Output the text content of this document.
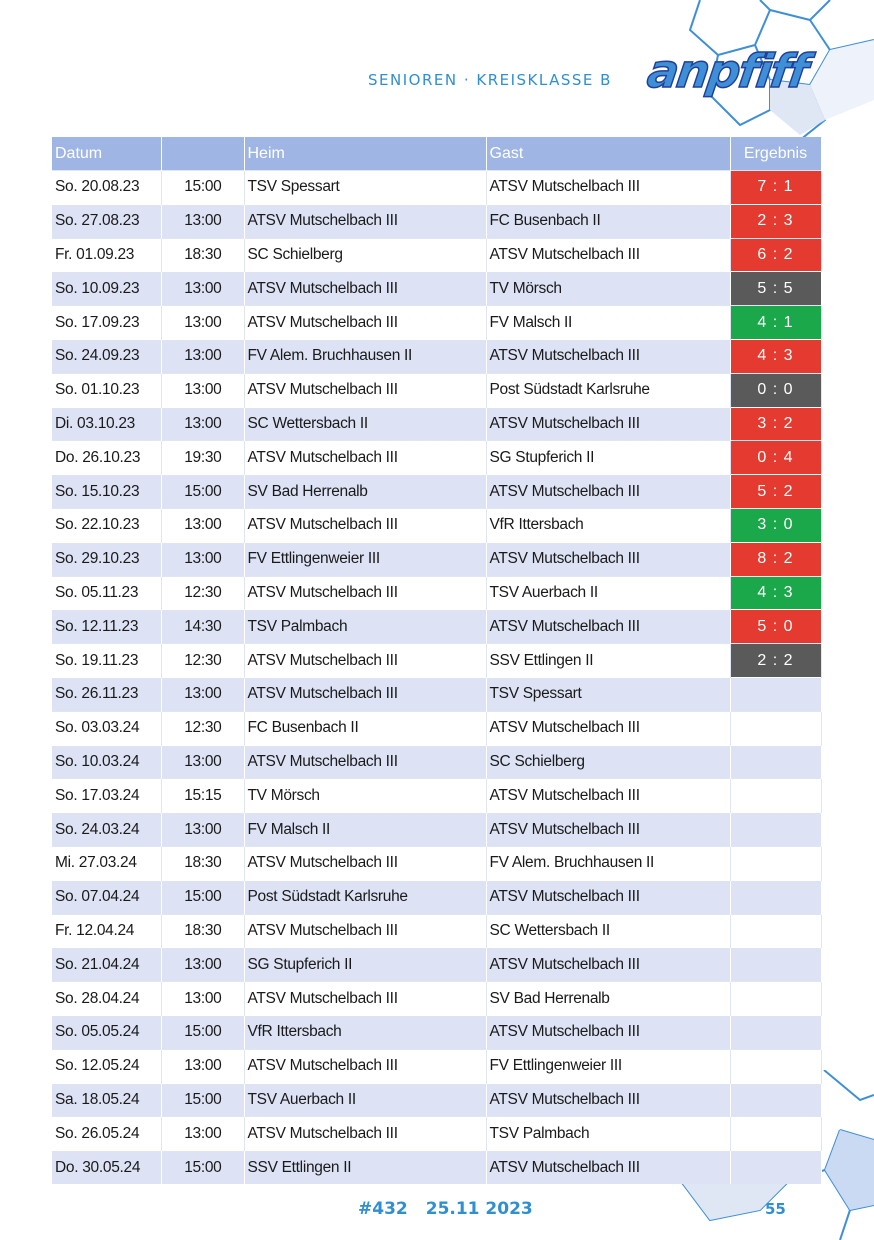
SENIOREN · KREISKLASSE B anpfiff
Datum		Heim	Gast	Ergebnis
So. 20.08.23	15:00	TSV Spessart	ATSV Mutschelbach III	7 : 1
So. 27.08.23	13:00	ATSV Mutschelbach III	FC Busenbach II	2 : 3
Fr. 01.09.23	18:30	SC Schielberg	ATSV Mutschelbach III	6 : 2
So. 10.09.23	13:00	ATSV Mutschelbach III	TV Mörsch	5 : 5
So. 17.09.23	13:00	ATSV Mutschelbach III	FV Malsch II	4 : 1
So. 24.09.23	13:00	FV Alem. Bruchhausen II	ATSV Mutschelbach III	4 : 3
So. 01.10.23	13:00	ATSV Mutschelbach III	Post Südstadt Karlsruhe	0 : 0
Di. 03.10.23	13:00	SC Wettersbach II	ATSV Mutschelbach III	3 : 2
Do. 26.10.23	19:30	ATSV Mutschelbach III	SG Stupferich II	0 : 4
So. 15.10.23	15:00	SV Bad Herrenalb	ATSV Mutschelbach III	5 : 2
So. 22.10.23	13:00	ATSV Mutschelbach III	VfR Ittersbach	3 : 0
So. 29.10.23	13:00	FV Ettlingenweier III	ATSV Mutschelbach III	8 : 2
So. 05.11.23	12:30	ATSV Mutschelbach III	TSV Auerbach II	4 : 3
So. 12.11.23	14:30	TSV Palmbach	ATSV Mutschelbach III	5 : 0
So. 19.11.23	12:30	ATSV Mutschelbach III	SSV Ettlingen II	2 : 2
So. 26.11.23	13:00	ATSV Mutschelbach III	TSV Spessart	
So. 03.03.24	12:30	FC Busenbach II	ATSV Mutschelbach III	
So. 10.03.24	13:00	ATSV Mutschelbach III	SC Schielberg	
So. 17.03.24	15:15	TV Mörsch	ATSV Mutschelbach III	
So. 24.03.24	13:00	FV Malsch II	ATSV Mutschelbach III	
Mi. 27.03.24	18:30	ATSV Mutschelbach III	FV Alem. Bruchhausen II	
So. 07.04.24	15:00	Post Südstadt Karlsruhe	ATSV Mutschelbach III	
Fr. 12.04.24	18:30	ATSV Mutschelbach III	SC Wettersbach II	
So. 21.04.24	13:00	SG Stupferich II	ATSV Mutschelbach III	
So. 28.04.24	13:00	ATSV Mutschelbach III	SV Bad Herrenalb	
So. 05.05.24	15:00	VfR Ittersbach	ATSV Mutschelbach III	
So. 12.05.24	13:00	ATSV Mutschelbach III	FV Ettlingenweier III	
Sa. 18.05.24	15:00	TSV Auerbach II	ATSV Mutschelbach III	
So. 26.05.24	13:00	ATSV Mutschelbach III	TSV Palmbach	
Do. 30.05.24	15:00	SSV Ettlingen II	ATSV Mutschelbach III	
#432 25.11 2023	55
